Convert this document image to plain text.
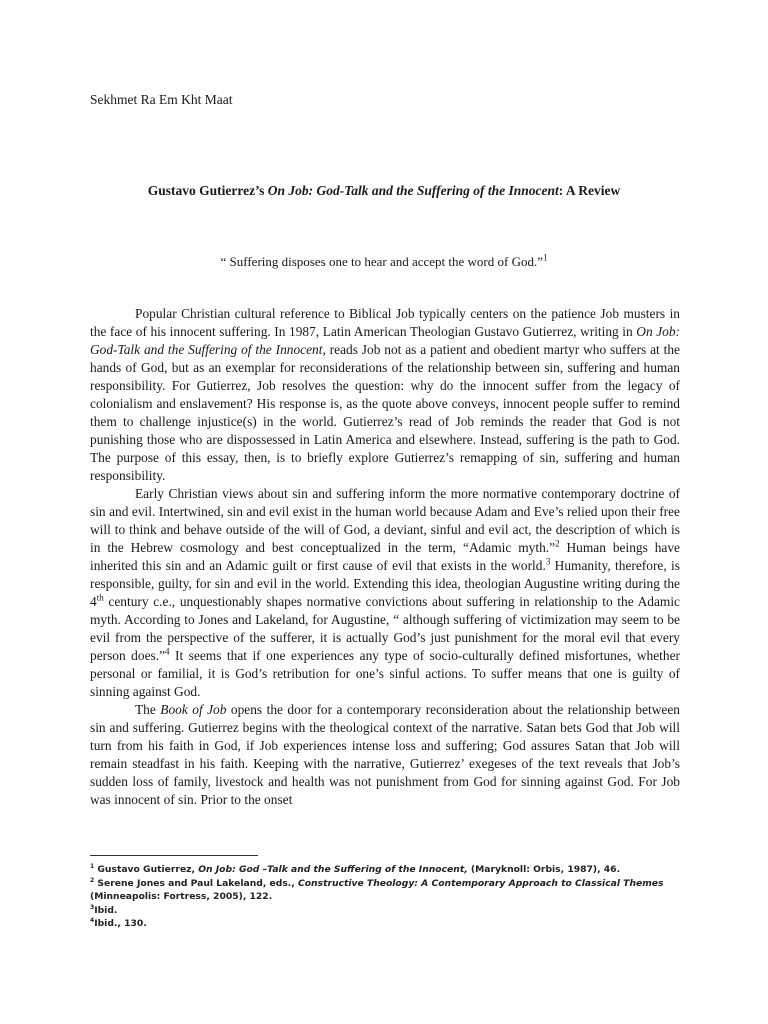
Sekhmet Ra Em Kht Maat

Gustavo Gutierrez’s On Job: God-Talk and the Suffering of the Innocent: A Review

“ Suffering disposes one to hear and accept the word of God.”$^1$

Popular Christian cultural reference to Biblical Job typically centers on the patience Job musters in the face of his innocent suffering. In 1987, Latin American Theologian Gustavo Gutierrez, writing in On Job: God-Talk and the Suffering of the Innocent, reads Job not as a patient and obedient martyr who suffers at the hands of God, but as an exemplar for reconsiderations of the relationship between sin, suffering and human responsibility. For Gutierrez, Job resolves the question: why do the innocent suffer from the legacy of colonialism and enslavement? His response is, as the quote above conveys, innocent people suffer to remind them to challenge injustice(s) in the world. Gutierrez’s read of Job reminds the reader that God is not punishing those who are dispossessed in Latin America and elsewhere. Instead, suffering is the path to God. The purpose of this essay, then, is to briefly explore Gutierrez’s remapping of sin, suffering and human responsibility.

Early Christian views about sin and suffering inform the more normative contemporary doctrine of sin and evil. Intertwined, sin and evil exist in the human world because Adam and Eve’s relied upon their free will to think and behave outside of the will of God, a deviant, sinful and evil act, the description of which is in the Hebrew cosmology and best conceptualized in the term, “Adamic myth.”$^2$ Human beings have inherited this sin and an Adamic guilt or first cause of evil that exists in the world.$^3$ Humanity, therefore, is responsible, guilty, for sin and evil in the world. Extending this idea, theologian Augustine writing during the 4th century c.e., unquestionably shapes normative convictions about suffering in relationship to the Adamic myth. According to Jones and Lakeland, for Augustine, “ although suffering of victimization may seem to be evil from the perspective of the sufferer, it is actually God’s just punishment for the moral evil that every person does.”$^4$ It seems that if one experiences any type of socio-culturally defined misfortunes, whether personal or familial, it is God’s retribution for one’s sinful actions. To suffer means that one is guilty of sinning against God.

The Book of Job opens the door for a contemporary reconsideration about the relationship between sin and suffering. Gutierrez begins with the theological context of the narrative. Satan bets God that Job will turn from his faith in God, if Job experiences intense loss and suffering; God assures Satan that Job will remain steadfast in his faith. Keeping with the narrative, Gutierrez’ exegeses of the text reveals that Job’s sudden loss of family, livestock and health was not punishment from God for sinning against God. For Job was innocent of sin. Prior to the onset

$^1$ Gustavo Gutierrez, On Job: God –Talk and the Suffering of the Innocent, (Maryknoll: Orbis, 1987), 46.

$^2$ Serene Jones and Paul Lakeland, eds., Constructive Theology: A Contemporary Approach to Classical Themes (Minneapolis: Fortress, 2005), 122.

$^3$Ibid.

$^4$Ibid., 130.
